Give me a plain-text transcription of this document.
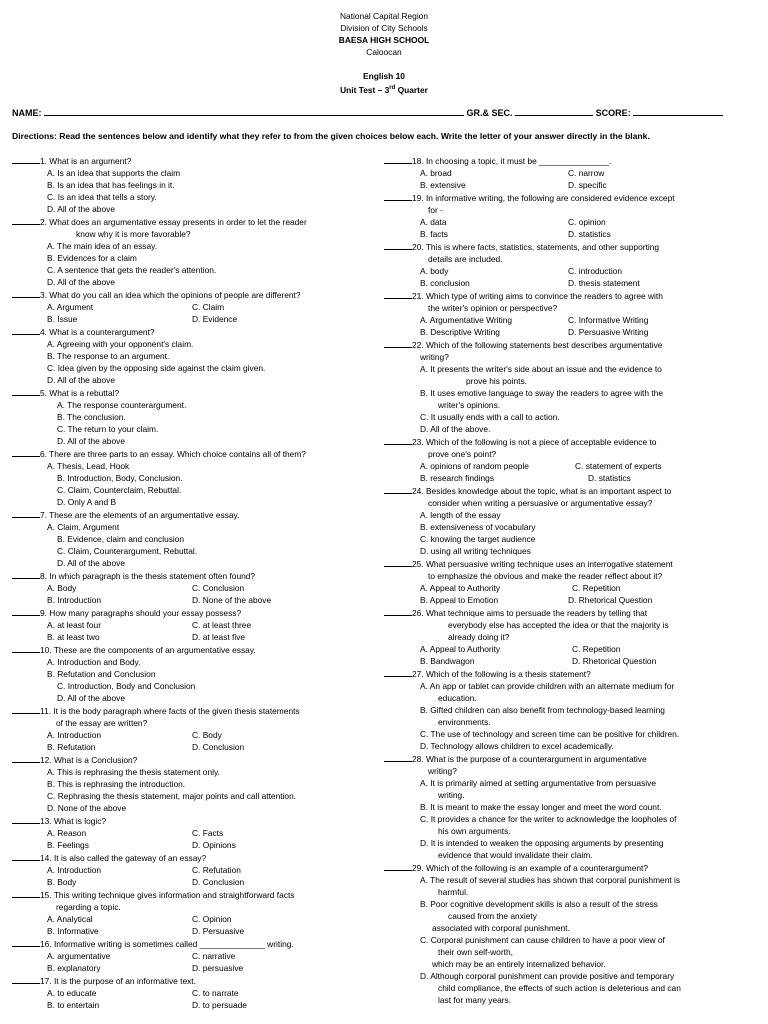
National Capital Region
Division of City Schools
BAESA HIGH SCHOOL
Caloocan
English 10
Unit Test – 3rd Quarter
NAME:	GR.& SEC.	SCORE:
Directions: Read the sentences below and identify what they refer to from the given choices below each. Write the letter of your answer directly in the blank.
1. What is an argument?
A. Is an idea that supports the claim
B. Is an idea that has feelings in it.
C. Is an idea that tells a story.
D. All of the above
2. What does an argumentative essay presents in order to let the reader
know why it is more favorable?
A. The main idea of an essay.
B. Evidences for a claim
C. A sentence that gets the reader's attention.
D. All of the above
3. What do you call an idea which the opinions of people are different?
A. Argument	C. Claim
B. Issue	D. Evidence
4. What is a counterargument?
A. Agreeing with your opponent's claim.
B. The response to an argument.
C. Idea given by the opposing side against the claim given.
D. All of the above
5. What is a rebuttal?
A. The response counterargument.
B. The conclusion.
C. The return to your claim.
D. All of the above
6. There are three parts to an essay. Which choice contains all of them?
A. Thesis, Lead, Hook
B. Introduction, Body, Conclusion.
C. Claim, Counterclaim, Rebuttal.
D. Only A and B
7. These are the elements of an argumentative essay.
A. Claim, Argument
B. Evidence, claim and conclusion
C. Claim, Counterargument, Rebuttal.
D. All of the above
8. In which paragraph is the thesis statement often found?
A. Body	C. Conclusion
B. Introduction	D. None of the above
9. How many paragraphs should your essay possess?
A. at least four	C. at least three
B. at least two	D. at least five
10. These are the components of an argumentative essay.
A. Introduction and Body.
B. Refutation and Conclusion
C. Introduction, Body and Conclusion
D. All of the above
11. It is the body paragraph where facts of the given thesis statements
of the essay are written?
A. Introduction	C. Body
B. Refutation	D. Conclusion
12. What is a Conclusion?
A. This is rephrasing the thesis statement only.
B. This is rephrasing the introduction.
C. Rephrasing the thesis statement, major points and call attention.
D. None of the above
13. What is logic?
A. Reason	C. Facts
B. Feelings	D. Opinions
14. It is also called the gateway of an essay?
A. Introduction	C. Refutation
B. Body	D. Conclusion
15. This writing technique gives information and straightforward facts
regarding a topic.
A. Analytical	C. Opinion
B. Informative	D. Persuasive
16. Informative writing is sometimes called ______________ writing.
A. argumentative	C. narrative
B. explanatory	D. persuasive
17. It is the purpose of an informative text.
A. to educate	C. to narrate
B. to entertain	D. to persuade
18. In choosing a topic, it must be _______________.
A. broad	C. narrow
B. extensive	D. specific
19. In informative writing, the following are considered evidence except
for -
A. data	C. opinion
B. facts	D. statistics
20. This is where facts, statistics, statements, and other supporting
details are included.
A. body	C. introduction
B. conclusion	D. thesis statement
21. Which type of writing aims to convince the readers to agree with
the writer's opinion or perspective?
A. Argumentative Writing	C. Informative Writing
B. Descriptive Writing	D. Persuasive Writing
22. Which of the following statements best describes argumentative
writing?
A. It presents the writer's side about an issue and the evidence to
prove his points.
B. It uses emotive language to sway the readers to agree with the
writer's opinions.
C. It usually ends with a call to action.
D. All of the above.
23. Which of the following is not a piece of acceptable evidence to
prove one's point?
A. opinions of random people	C. statement of experts
B. research findings	D. statistics
24. Besides knowledge about the topic, what is an important aspect to
consider when writing a persuasive or argumentative essay?
A. length of the essay
B. extensiveness of vocabulary
C. knowing the target audience
D. using all writing techniques
25. What persuasive writing technique uses an interrogative statement
to emphasize the obvious and make the reader reflect about it?
A. Appeal to Authority	C. Repetition
B. Appeal to Emotion	D. Rhetorical Question
26. What technique aims to persuade the readers by telling that
everybody else has accepted the idea or that the majority is
already doing it?
A. Appeal to Authority	C. Repetition
B. Bandwagon	D. Rhetorical Question
27. Which of the following is a thesis statement?
A. An app or tablet can provide children with an alternate medium for
education.
B. Gifted children can also benefit from technology-based learning
environments.
C. The use of technology and screen time can be positive for children.
D. Technology allows children to excel academically.
28. What is the purpose of a counterargument in argumentative
writing?
A. It is primarily aimed at setting argumentative from persuasive
writing.
B. It is meant to make the essay longer and meet the word count.
C. It provides a chance for the writer to acknowledge the loopholes of
his own arguments.
D. It is intended to weaken the opposing arguments by presenting
evidence that would invalidate their claim.
29. Which of the following is an example of a counterargument?
A. The result of several studies has shown that corporal punishment is
harmful.
B. Poor cognitive development skills is also a result of the stress
caused from the anxiety
associated with corporal punishment.
C. Corporal punishment can cause children to have a poor view of
their own self-worth,
which may be an entirely internalized behavior.
D. Although corporal punishment can provide positive and temporary
child compliance, the effects of such action is deleterious and can
last for many years.
